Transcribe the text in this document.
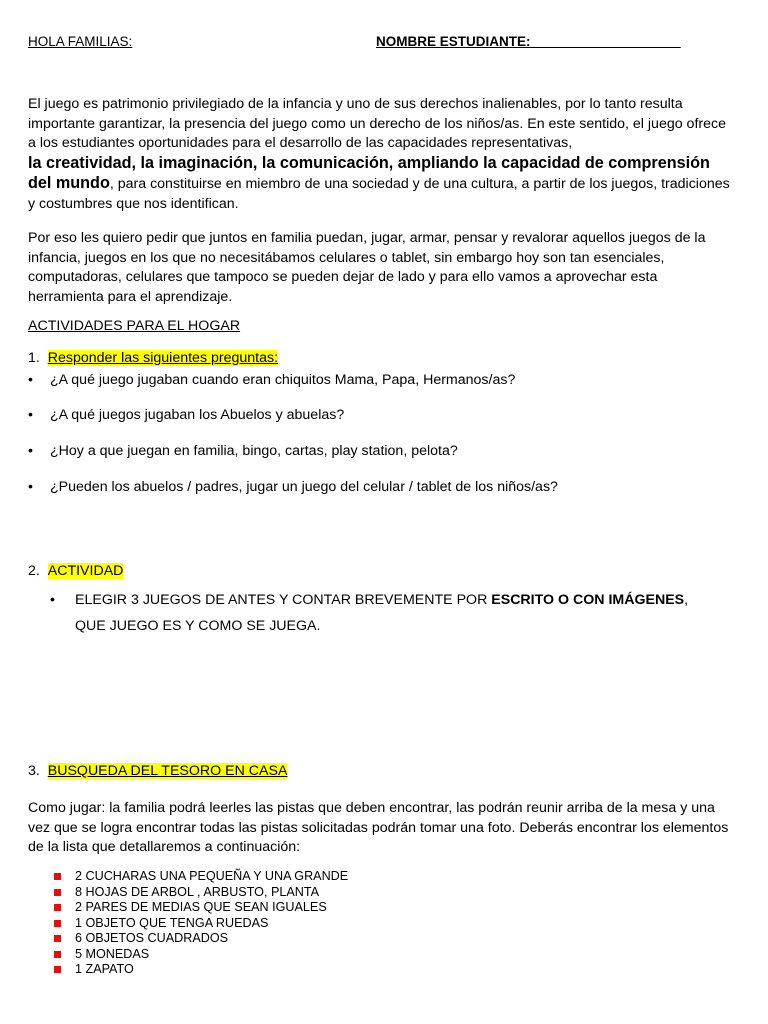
HOLA FAMILIAS:	NOMBRE ESTUDIANTE:____________________
El juego es patrimonio privilegiado de la infancia y uno de sus derechos inalienables, por lo tanto resulta importante garantizar, la presencia del juego como un derecho de los niños/as. En este sentido, el juego ofrece a los estudiantes oportunidades para el desarrollo de las capacidades representativas,
la creatividad, la imaginación, la comunicación, ampliando la capacidad de comprensión del mundo, para constituirse en miembro de una sociedad y de una cultura, a partir de los juegos, tradiciones y costumbres que nos identifican.
Por eso les quiero pedir que juntos en familia puedan, jugar, armar, pensar y revalorar aquellos juegos de la infancia, juegos en los que no necesitábamos celulares o tablet, sin embargo hoy son tan esenciales, computadoras, celulares que tampoco se pueden dejar de lado y para ello vamos a aprovechar esta herramienta para el aprendizaje.
ACTIVIDADES PARA EL HOGAR
1. Responder las siguientes preguntas:
• ¿A qué juego jugaban cuando eran chiquitos Mama, Papa, Hermanos/as?
• ¿A qué juegos jugaban los Abuelos y abuelas?
• ¿Hoy a que juegan en familia, bingo, cartas, play station, pelota?
• ¿Pueden los abuelos / padres, jugar un juego del celular / tablet de los niños/as?
2. ACTIVIDAD
•	ELEGIR 3 JUEGOS DE ANTES Y CONTAR BREVEMENTE POR ESCRITO O CON IMÁGENES, QUE JUEGO ES Y COMO SE JUEGA.
3. BUSQUEDA DEL TESORO EN CASA
Como jugar: la familia podrá leerles las pistas que deben encontrar, las podrán reunir arriba de la mesa y una vez que se logra encontrar todas las pistas solicitadas podrán tomar una foto. Deberás encontrar los elementos de la lista que detallaremos a continuación:
2 CUCHARAS UNA PEQUEÑA Y UNA GRANDE
8 HOJAS DE ARBOL , ARBUSTO, PLANTA
2 PARES DE MEDIAS QUE SEAN IGUALES
1 OBJETO QUE TENGA RUEDAS
6 OBJETOS CUADRADOS
5 MONEDAS
1 ZAPATO
